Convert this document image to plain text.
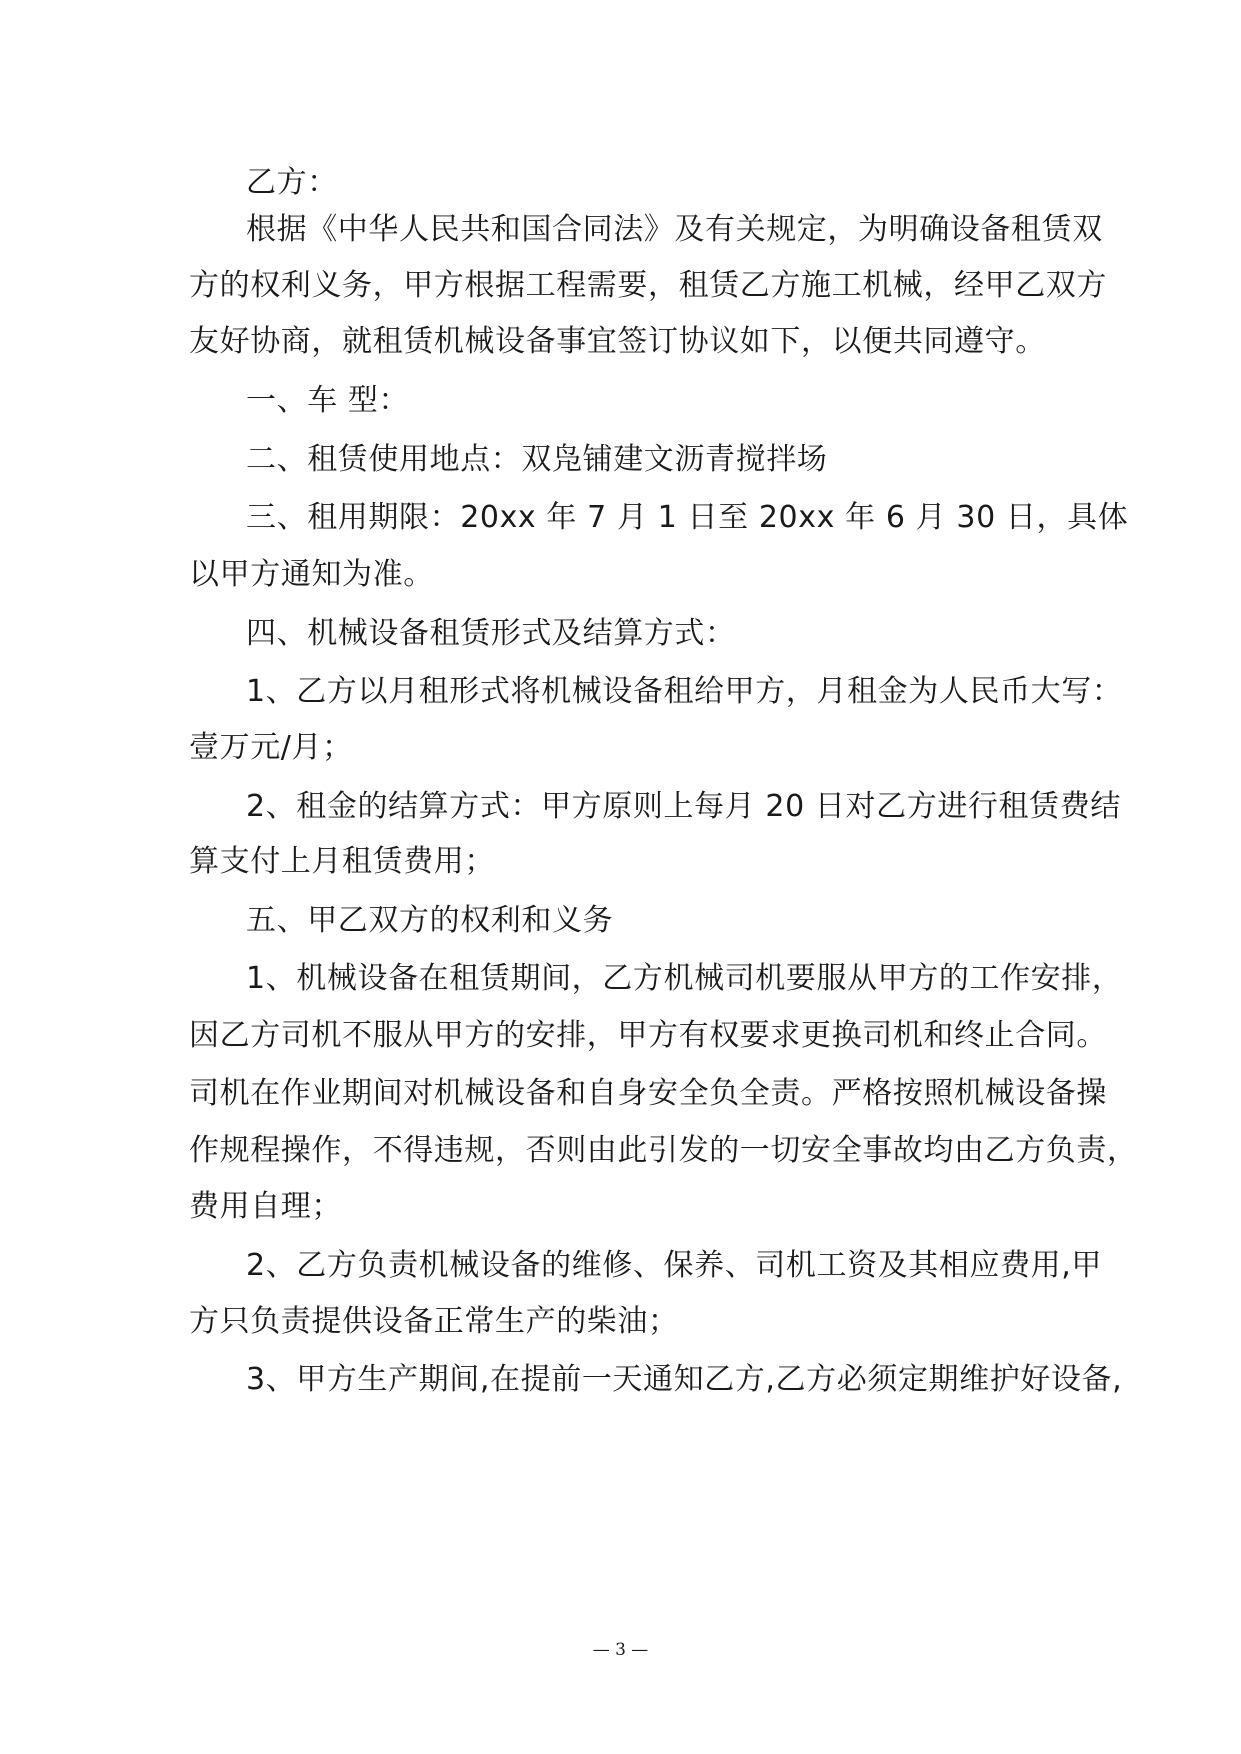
乙方：
根据《中华人民共和国合同法》及有关规定，为明确设备租赁双
方的权利义务，甲方根据工程需要，租赁乙方施工机械，经甲乙双方
友好协商，就租赁机械设备事宜签订协议如下，以便共同遵守。
一、车 型：
二、租赁使用地点：双凫铺建文沥青搅拌场
三、租用期限：20xx 年 7 月 1 日至 20xx 年 6 月 30 日，具体
以甲方通知为准。
四、机械设备租赁形式及结算方式：
1、乙方以月租形式将机械设备租给甲方，月租金为人民币大写：
壹万元/月；
2、租金的结算方式：甲方原则上每月 20 日对乙方进行租赁费结
算支付上月租赁费用；
五、甲乙双方的权利和义务
1、机械设备在租赁期间，乙方机械司机要服从甲方的工作安排，
因乙方司机不服从甲方的安排，甲方有权要求更换司机和终止合同。
司机在作业期间对机械设备和自身安全负全责。严格按照机械设备操
作规程操作，不得违规，否则由此引发的一切安全事故均由乙方负责，
费用自理；
2、乙方负责机械设备的维修、保养、司机工资及其相应费用,甲
方只负责提供设备正常生产的柴油；
3、甲方生产期间,在提前一天通知乙方,乙方必须定期维护好设备,
— 3 —
